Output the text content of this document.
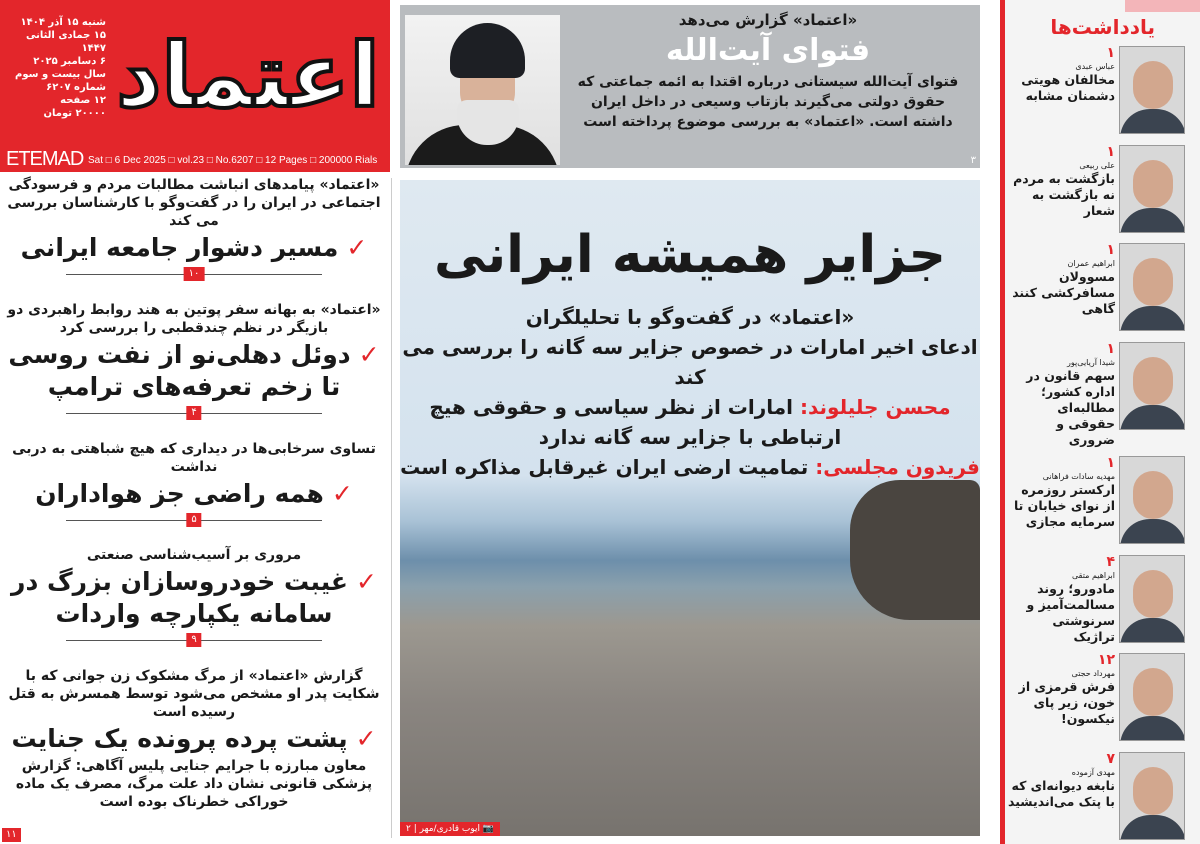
شنبه ۱۵ آذر ۱۴۰۴
۱۵ جمادی الثانی ۱۴۴۷
۶ دسامبر ۲۰۲۵
سال بیست و سوم
شماره ۶۲۰۷
۱۲ صفحه
۲۰۰۰۰ تومان اعتماد
ETEMAD Sat □ 6 Dec 2025 □ vol.23 □ No.6207 □ 12 Pages □ 200000 Rials
«اعتماد» پیامدهای انباشت مطالبات مردم و فرسودگی اجتماعی در ایران را در گفت‌وگو با کارشناسان بررسی می کند
✓مسیر دشوار جامعه ایرانی
۱۰
«اعتماد» به بهانه سفر پوتین به هند روابط راهبردی دو بازیگر در نظم چندقطبی را بررسی کرد
✓دوئل دهلی‌نو از نفت روسی تا زخم تعرفه‌های ترامپ
۴
تساوی سرخابی‌ها در دیداری که هیچ شباهتی به دربی نداشت
✓همه راضی جز هواداران
۵
مروری بر آسیب‌شناسی صنعتی
✓غیبت خودروسازان بزرگ در سامانه یکپارچه واردات
۹
گزارش «اعتماد» از مرگ مشکوک زن جوانی که با شکایت پدر او مشخص می‌شود توسط همسرش به قتل رسیده است
✓پشت پرده پرونده یک جنایت
معاون مبارزه با جرایم جنایی پلیس آگاهی: گزارش پزشکی قانونی نشان داد علت مرگ، مصرف یک ماده خوراکی خطرناک بوده است
۱۱
«اعتماد» گزارش می‌دهد
فتوای آیت‌الله
فتوای آیت‌الله سیستانی درباره اقتدا به ائمه جماعتی که حقوق دولتی می‌گیرند بازتاب وسیعی در داخل ایران داشته است. «اعتماد» به بررسی موضوع پرداخته است
۳
جزایر همیشه ایرانی
«اعتماد» در گفت‌وگو با تحلیلگران
ادعای اخیر امارات در خصوص جزایر سه گانه را بررسی می کند
محسن جلیلوند: امارات از نظر سیاسی و حقوقی هیچ ارتباطی با جزایر سه گانه ندارد
فریدون مجلسی: تمامیت ارضی ایران غیرقابل مذاکره است
📷 ایوب قادری/مهر | ۲
یادداشت‌ها
۱
عباس عبدی
مخالفان هویتی دشمنان مشابه
۱
علی ربیعی
بازگشت به مردم نه بازگشت به شعار
۱
ابراهیم عمران
مسوولان مسافرکشی کنند گاهی
۱
شیدا آریایی‌پور
سهم قانون در اداره کشور؛ مطالبه‌ای حقوقی و ضروری
۱
مهدیه سادات فراهانی
ارکستر روزمره از نوای خیابان تا سرمایه مجازی
۴
ابراهیم متقی
مادورو؛ روند مسالمت‌آمیز و سرنوشتی تراژیک
۱۲
مهرداد حجتی
فرش قرمزی از خون، زیر پای نیکسون!
۷
مهدی آزموده
نابغه دیوانه‌ای که با پتک می‌اندیشید
